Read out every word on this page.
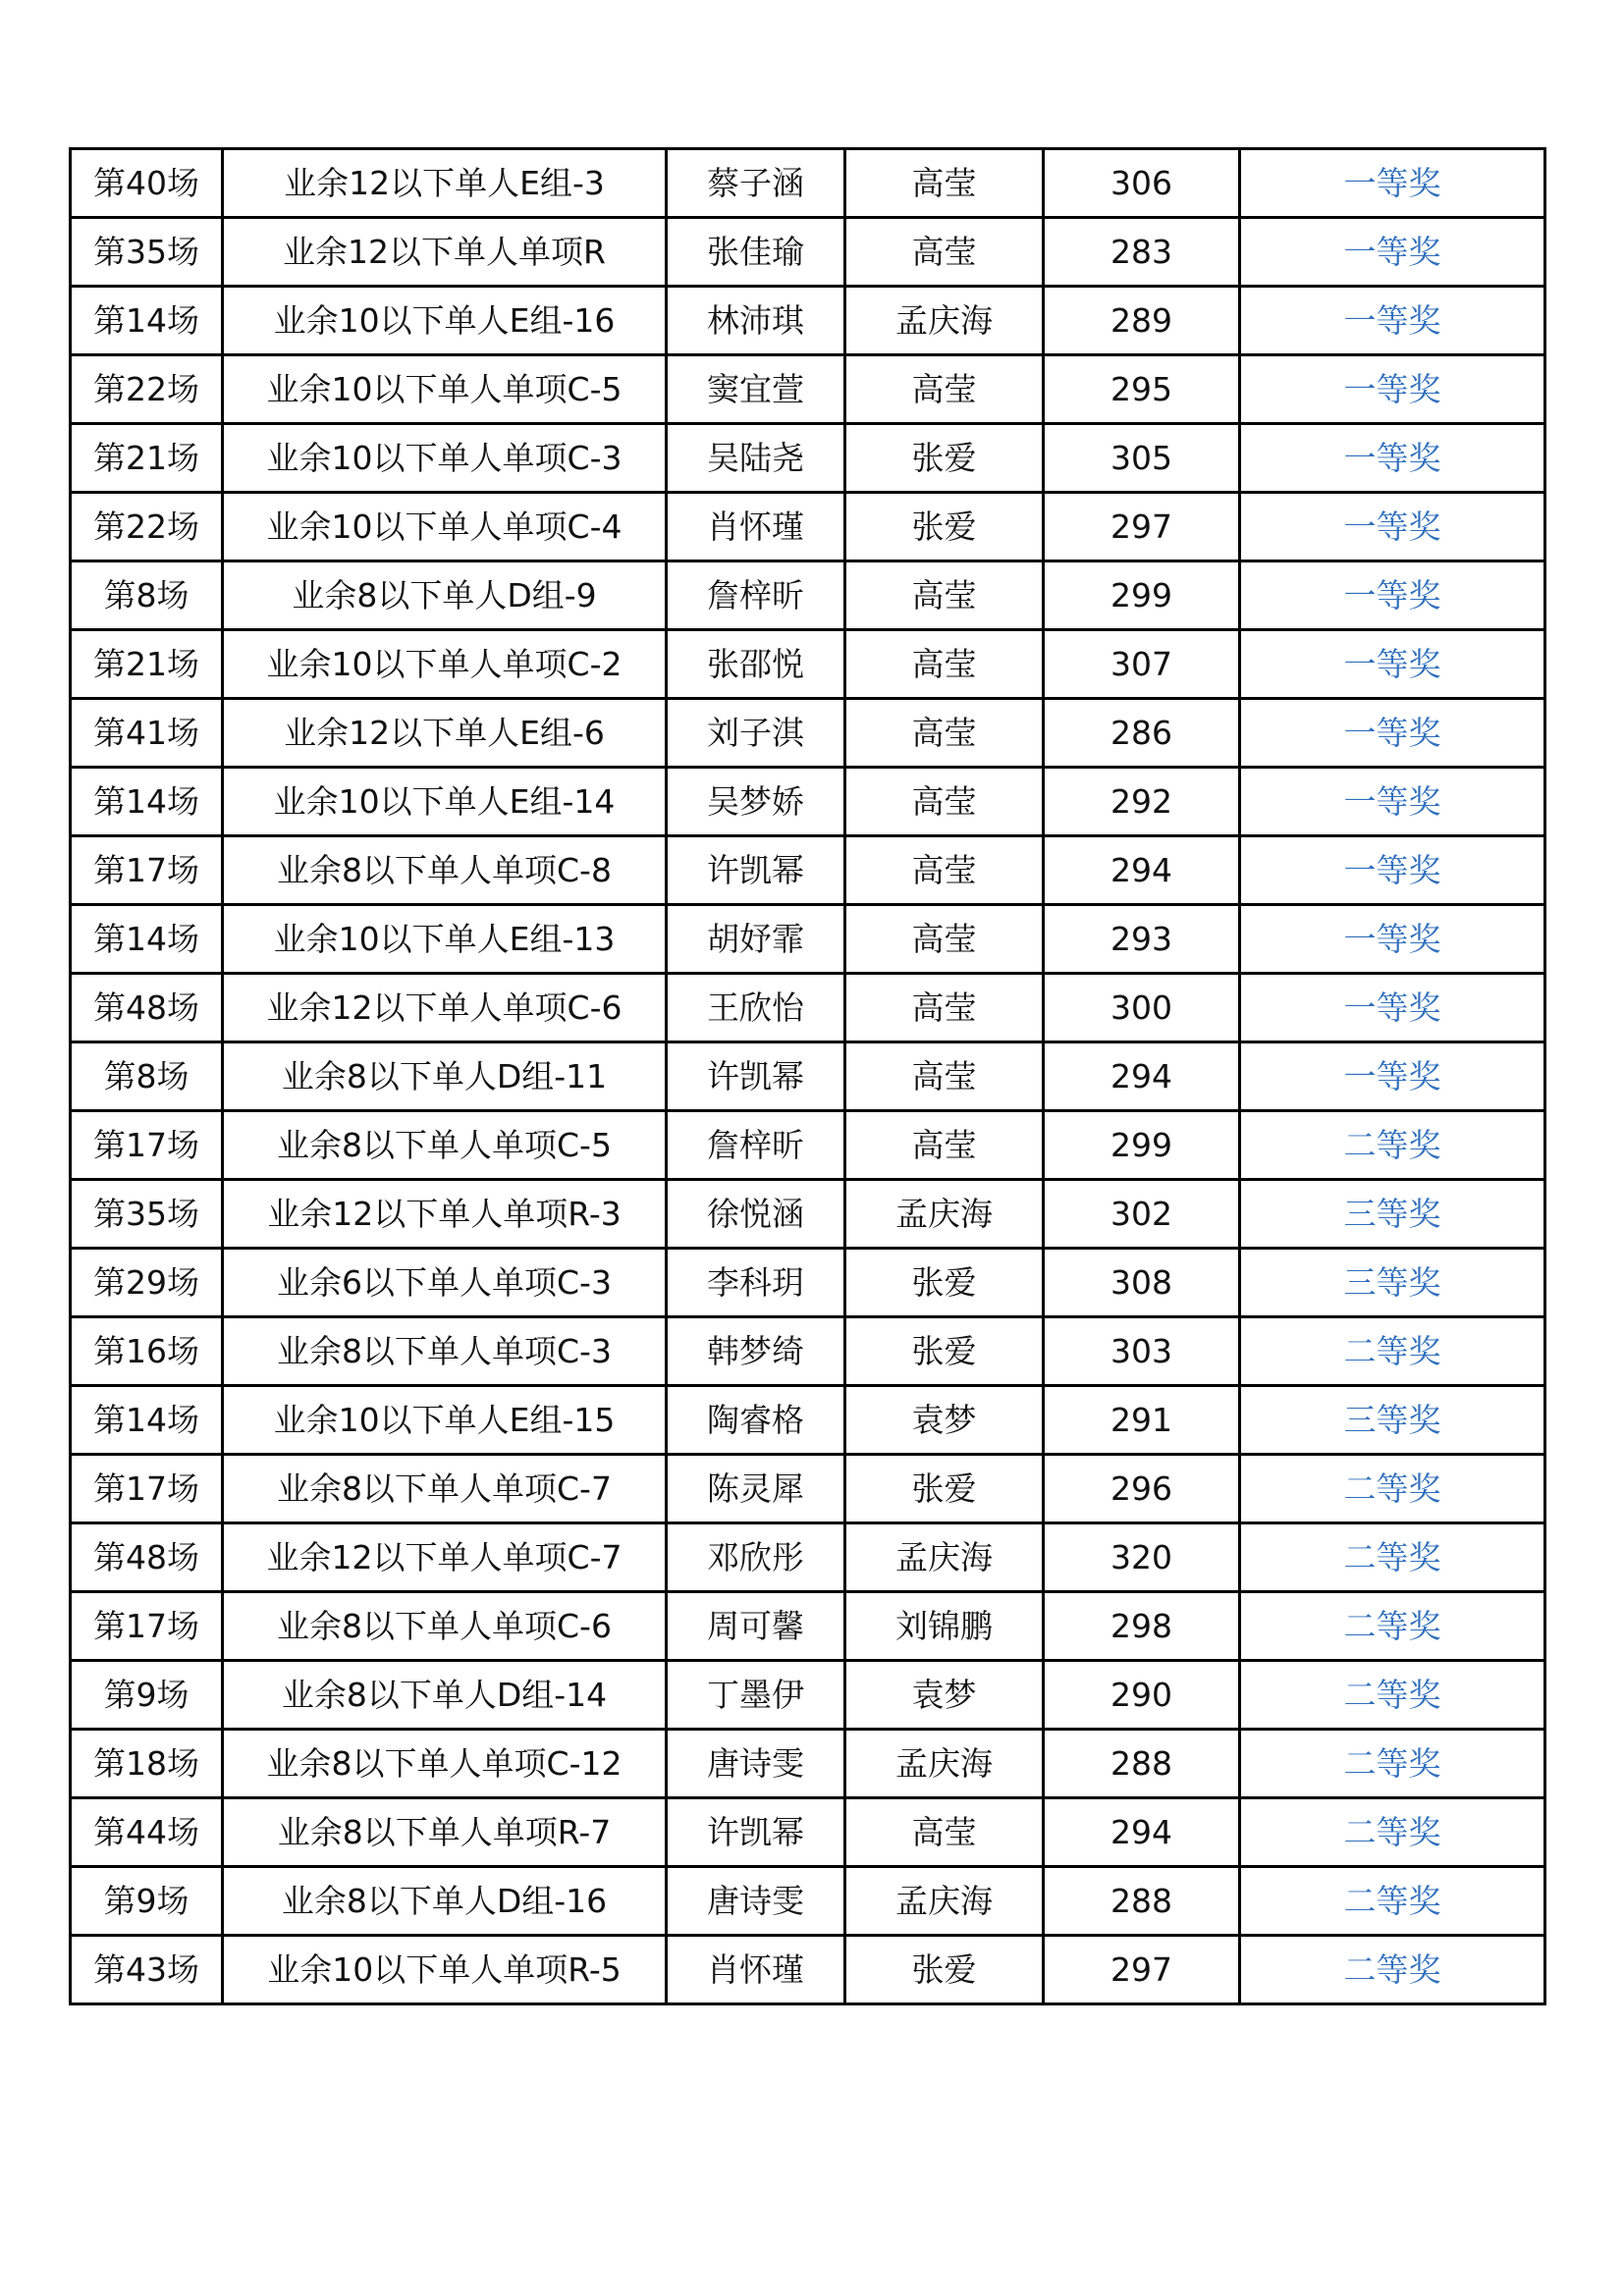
第40场	业余12以下单人E组-3	蔡子涵	高莹	306	一等奖
第35场	业余12以下单人单项R	张佳瑜	高莹	283	一等奖
第14场	业余10以下单人E组-16	林沛琪	孟庆海	289	一等奖
第22场	业余10以下单人单项C-5	窦宜萱	高莹	295	一等奖
第21场	业余10以下单人单项C-3	吴陆尧	张爱	305	一等奖
第22场	业余10以下单人单项C-4	肖怀瑾	张爱	297	一等奖
第8场	业余8以下单人D组-9	詹梓昕	高莹	299	一等奖
第21场	业余10以下单人单项C-2	张邵悦	高莹	307	一等奖
第41场	业余12以下单人E组-6	刘子淇	高莹	286	一等奖
第14场	业余10以下单人E组-14	吴梦娇	高莹	292	一等奖
第17场	业余8以下单人单项C-8	许凯幂	高莹	294	一等奖
第14场	业余10以下单人E组-13	胡妤霏	高莹	293	一等奖
第48场	业余12以下单人单项C-6	王欣怡	高莹	300	一等奖
第8场	业余8以下单人D组-11	许凯幂	高莹	294	一等奖
第17场	业余8以下单人单项C-5	詹梓昕	高莹	299	二等奖
第35场	业余12以下单人单项R-3	徐悦涵	孟庆海	302	三等奖
第29场	业余6以下单人单项C-3	李科玥	张爱	308	三等奖
第16场	业余8以下单人单项C-3	韩梦绮	张爱	303	二等奖
第14场	业余10以下单人E组-15	陶睿格	袁梦	291	三等奖
第17场	业余8以下单人单项C-7	陈灵犀	张爱	296	二等奖
第48场	业余12以下单人单项C-7	邓欣彤	孟庆海	320	二等奖
第17场	业余8以下单人单项C-6	周可馨	刘锦鹏	298	二等奖
第9场	业余8以下单人D组-14	丁墨伊	袁梦	290	二等奖
第18场	业余8以下单人单项C-12	唐诗雯	孟庆海	288	二等奖
第44场	业余8以下单人单项R-7	许凯幂	高莹	294	二等奖
第9场	业余8以下单人D组-16	唐诗雯	孟庆海	288	二等奖
第43场	业余10以下单人单项R-5	肖怀瑾	张爱	297	二等奖
